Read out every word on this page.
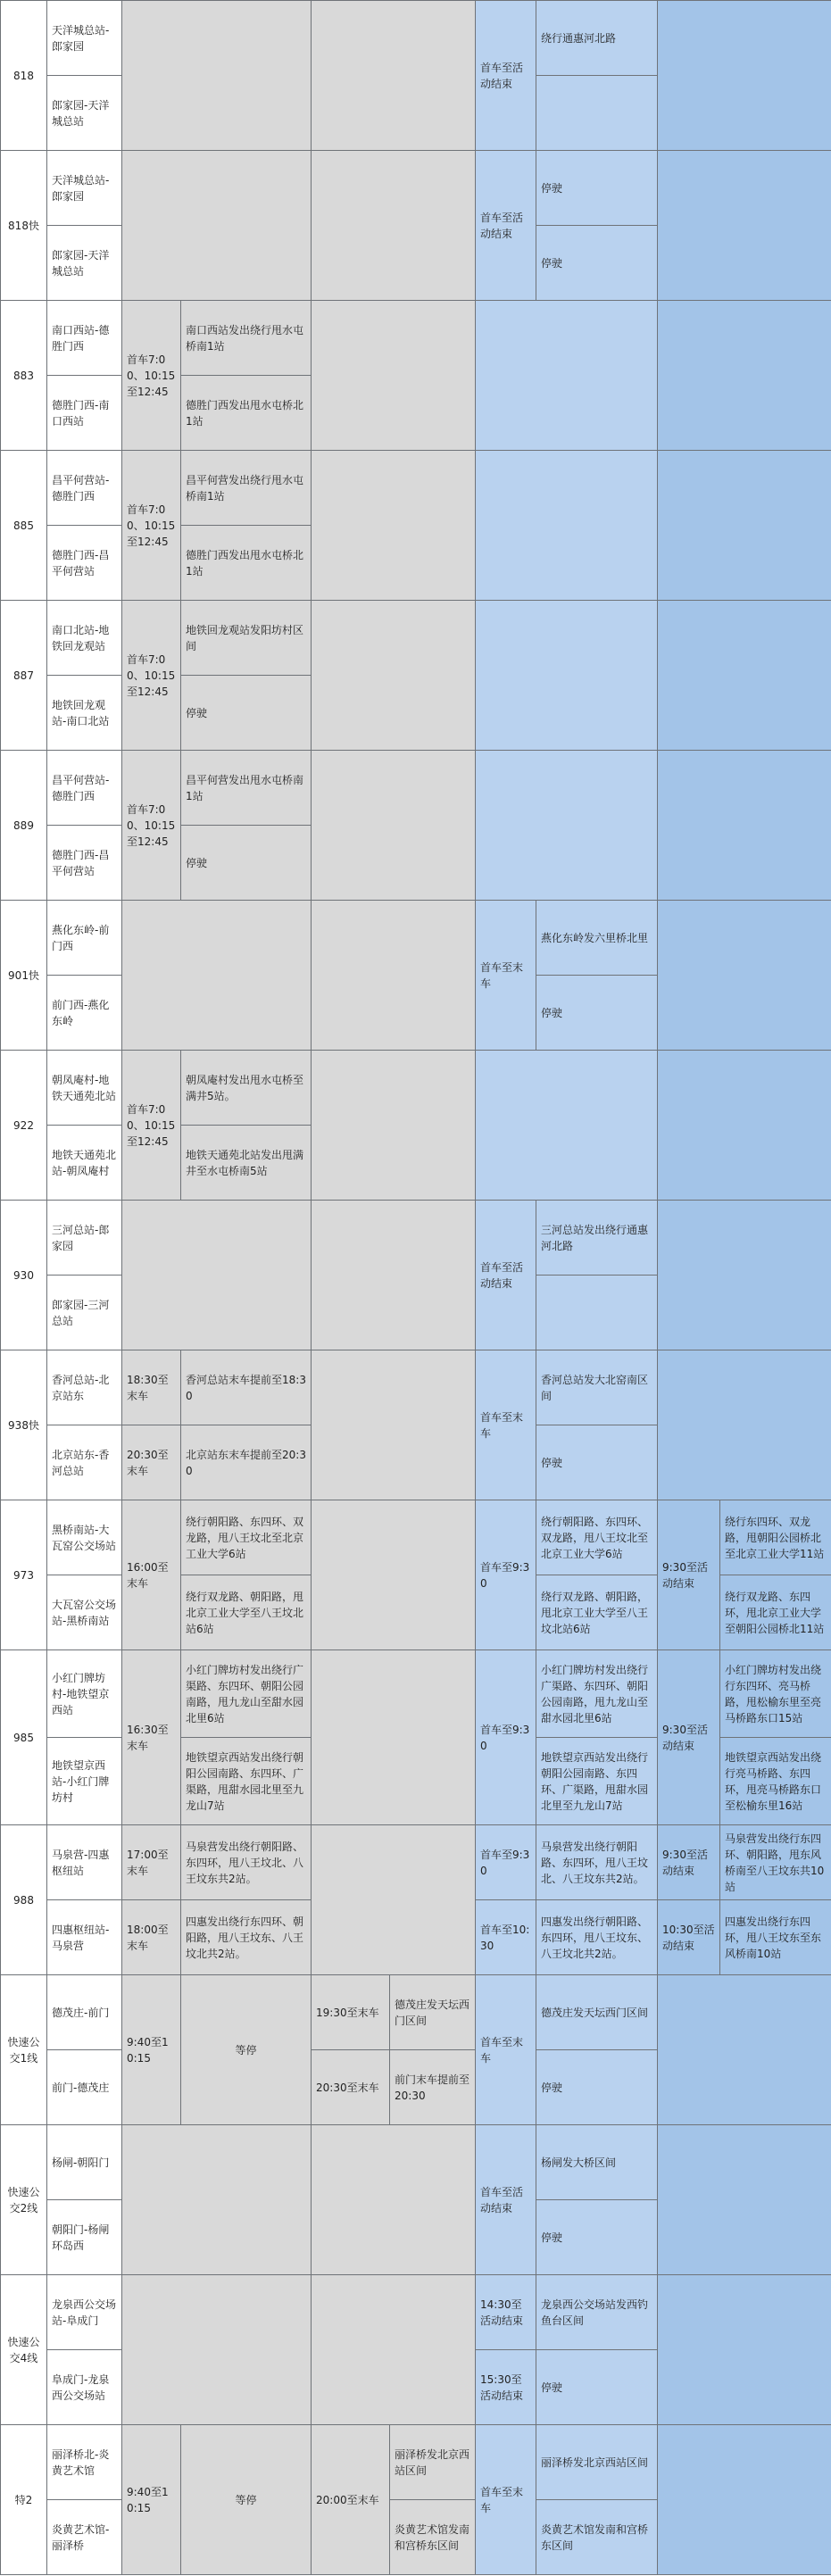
818	天洋城总站-郎家园					首车至活动结束	绕行通惠河北路		
	郎家园-天洋城总站								
818快	天洋城总站-郎家园					首车至活动结束	停驶		
	郎家园-天洋城总站						停驶		
883	南口西站-德胜门西	首车7:00、10:15至12:45	南口西站发出绕行甩水屯桥南1站						
	德胜门西-南口西站		德胜门西发出甩水屯桥北1站						
885	昌平何营站-德胜门西	首车7:00、10:15至12:45	昌平何营发出绕行甩水屯桥南1站						
	德胜门西-昌平何营站		德胜门西发出甩水屯桥北1站						
887	南口北站-地铁回龙观站	首车7:00、10:15至12:45	地铁回龙观站发阳坊村区间						
	地铁回龙观站-南口北站		停驶						
889	昌平何营站-德胜门西	首车7:00、10:15至12:45	昌平何营发出甩水屯桥南1站						
	德胜门西-昌平何营站		停驶						
901快	燕化东岭-前门西					首车至末车	燕化东岭发六里桥北里		
	前门西-燕化东岭						停驶		
922	朝凤庵村-地铁天通苑北站	首车7:00、10:15至12:45	朝凤庵村发出甩水屯桥至满井5站。						
	地铁天通苑北站-朝凤庵村		地铁天通苑北站发出甩满井至水屯桥南5站						
930	三河总站-郎家园					首车至活动结束	三河总站发出绕行通惠河北路		
	郎家园-三河总站								
938快	香河总站-北京站东	18:30至末车	香河总站末车提前至18:30			首车至末车	香河总站发大北窑南区间		
	北京站东-香河总站	20:30至末车	北京站东末车提前至20:30				停驶		
973	黑桥南站-大瓦窑公交场站	16:00至末车	绕行朝阳路、东四环、双龙路，甩八王坟北至北京工业大学6站			首车至9:30	绕行朝阳路、东四环、双龙路，甩八王坟北至北京工业大学6站	9:30至活动结束	绕行东四环、双龙路，甩朝阳公园桥北至北京工业大学11站
	大瓦窑公交场站-黑桥南站		绕行双龙路、朝阳路，甩北京工业大学至八王坟北站6站				绕行双龙路、朝阳路，甩北京工业大学至八王坟北站6站		绕行双龙路、东四环，甩北京工业大学至朝阳公园桥北11站
985	小红门牌坊村-地铁望京西站	16:30至末车	小红门牌坊村发出绕行广渠路、东四环、朝阳公园南路，甩九龙山至甜水园北里6站			首车至9:30	小红门牌坊村发出绕行广渠路、东四环、朝阳公园南路，甩九龙山至甜水园北里6站	9:30至活动结束	小红门牌坊村发出绕行东四环、亮马桥路，甩松榆东里至亮马桥路东口15站
	地铁望京西站-小红门牌坊村		地铁望京西站发出绕行朝阳公园南路、东四环、广渠路，甩甜水园北里至九龙山7站				地铁望京西站发出绕行朝阳公园南路、东四环、广渠路，甩甜水园北里至九龙山7站		地铁望京西站发出绕行亮马桥路、东四环，甩亮马桥路东口至松榆东里16站
988	马泉营-四惠枢纽站	17:00至末车	马泉营发出绕行朝阳路、东四环，甩八王坟北、八王坟东共2站。			首车至9:30	马泉营发出绕行朝阳路、东四环，甩八王坟北、八王坟东共2站。	9:30至活动结束	马泉营发出绕行东四环、朝阳路，甩东风桥南至八王坟东共10站
	四惠枢纽站-马泉营	18:00至末车	四惠发出绕行东四环、朝阳路，甩八王坟东、八王坟北共2站。			首车至10:30	四惠发出绕行朝阳路、东四环，甩八王坟东、八王坟北共2站。	10:30至活动结束	四惠发出绕行东四环，甩八王坟东至东风桥南10站
快速公交1线	德茂庄-前门	9:40至10:15	等停	19:30至末车	德茂庄发天坛西门区间	首车至末车	德茂庄发天坛西门区间		
	前门-德茂庄			20:30至末车	前门末车提前至20:30		停驶		
快速公交2线	杨闸-朝阳门					首车至活动结束	杨闸发大桥区间		
	朝阳门-杨闸环岛西						停驶		
快速公交4线	龙泉西公交场站-阜成门					14:30至活动结束	龙泉西公交场站发西钓鱼台区间		
	阜成门-龙泉西公交场站					15:30至活动结束	停驶		
特2	丽泽桥北-炎黄艺术馆	9:40至10:15	等停	20:00至末车	丽泽桥发北京西站区间	首车至末车	丽泽桥发北京西站区间		
	炎黄艺术馆-丽泽桥				炎黄艺术馆发南和宫桥东区间		炎黄艺术馆发南和宫桥东区间		
